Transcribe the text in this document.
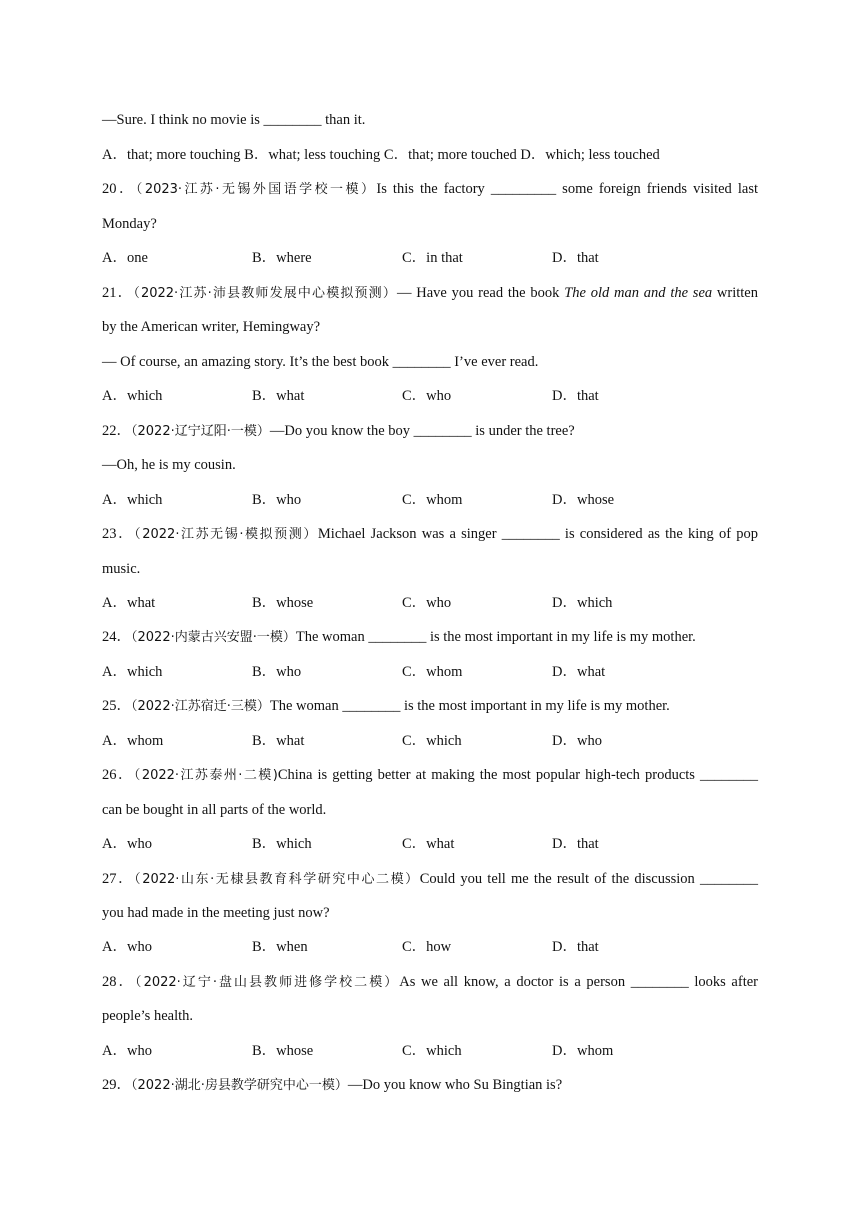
—Sure. I think no movie is ________ than it.
A．that; more touching B．what; less touching C．that; more touched D．which; less touched
20．（2023·江苏·无锡外国语学校一模）Is this the factory _________ some foreign friends visited last
Monday?
A．one	B．where	C．in that	D．that
21．（2022·江苏·沛县教师发展中心模拟预测）— Have you read the book The old man and the sea written
by the American writer, Hemingway?
— Of course, an amazing story. It’s the best book ________ I’ve ever read.
A．which	B．what	C．who	D．that
22．（2022·辽宁辽阳·一模）—Do you know the boy ________ is under the tree?
—Oh, he is my cousin.
A．which	B．who	C．whom	D．whose
23．（2022·江苏无锡·模拟预测）Michael Jackson was a singer ________ is considered as the king of pop
music.
A．what	B．whose	C．who	D．which
24．（2022·内蒙古兴安盟·一模）The woman ________ is the most important in my life is my mother.
A．which	B．who	C．whom	D．what
25．（2022·江苏宿迁·三模）The woman ________ is the most important in my life is my mother.
A．whom	B．what	C．which	D．who
26．（2022·江苏泰州·二模)China is getting better at making the most popular high-tech products ________
can be bought in all parts of the world.
A．who	B．which	C．what	D．that
27．（2022·山东·无棣县教育科学研究中心二模）Could you tell me the result of the discussion ________
you had made in the meeting just now?
A．who	B．when	C．how	D．that
28．（2022·辽宁·盘山县教师进修学校二模）As we all know, a doctor is a person ________ looks after
people’s health.
A．who	B．whose	C．which	D．whom
29．（2022·湖北·房县教学研究中心一模）—Do you know who Su Bingtian is?
